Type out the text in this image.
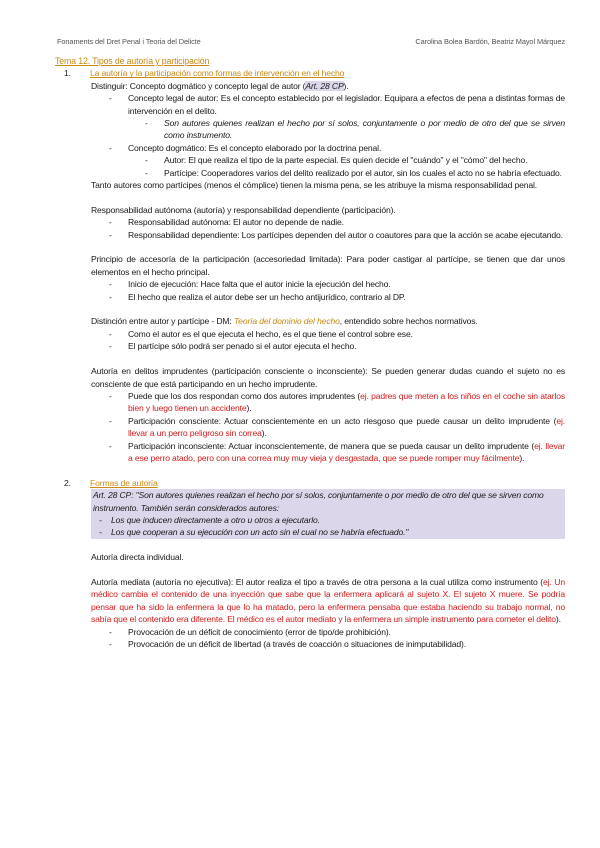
Fonaments del Dret Penal i Teoria del Delicte	Carolina Bolea Bardón, Beatriz Mayol Márquez
Tema 12. Tipos de autoría y participación
1.	La autoría y la participación como formas de intervención en el hecho
Distinguir: Concepto dogmático y concepto legal de autor (Art. 28 CP).
-	Concepto legal de autor: Es el concepto establecido por el legislador. Equipara a efectos de pena a distintas formas de intervención en el delito.
-	Son autores quienes realizan el hecho por sí solos, conjuntamente o por medio de otro del que se sirven como instrumento.
-	Concepto dogmático: Es el concepto elaborado por la doctrina penal.
-	Autor: El que realiza el tipo de la parte especial. Es quien decide el "cuándo" y el "cómo" del hecho.
-	Partícipe: Cooperadores varios del delito realizado por el autor, sin los cuales el acto no se habría efectuado.
Tanto autores como partícipes (menos el cómplice) tienen la misma pena, se les atribuye la misma responsabilidad penal.
Responsabilidad autónoma (autoría) y responsabilidad dependiente (participación).
-	Responsabilidad autónoma: El autor no depende de nadie.
-	Responsabilidad dependiente: Los partícipes dependen del autor o coautores para que la acción se acabe ejecutando.
Principio de accesoría de la participación (accesoriedad limitada): Para poder castigar al partícipe, se tienen que dar unos elementos en el hecho principal.
-	Inicio de ejecución: Hace falta que el autor inicie la ejecución del hecho.
-	El hecho que realiza el autor debe ser un hecho antijurídico, contrario al DP.
Distinción entre autor y partícipe - DM: Teoría del dominio del hecho, entendido sobre hechos normativos.
-	Como el autor es el que ejecuta el hecho, es el que tiene el control sobre ese.
-	El partícipe sólo podrá ser penado si el autor ejecuta el hecho.
Autoría en delitos imprudentes (participación consciente o inconsciente): Se pueden generar dudas cuando el sujeto no es consciente de que está participando en un hecho imprudente.
-	Puede que los dos respondan como dos autores imprudentes (ej. padres que meten a los niños en el coche sin atarlos bien y luego tienen un accidente).
-	Participación consciente: Actuar conscientemente en un acto riesgoso que puede causar un delito imprudente (ej. llevar a un perro peligroso sin correa).
-	Participación inconsciente: Actuar inconscientemente, de manera que se pueda causar un delito imprudente (ej. llevar a ese perro atado, pero con una correa muy muy vieja y desgastada, que se puede romper muy fácilmente).
2.	Formas de autoría
Art. 28 CP: "Son autores quienes realizan el hecho por sí solos, conjuntamente o por medio de otro del que se sirven como instrumento. También serán considerados autores:
-	Los que inducen directamente a otro u otros a ejecutarlo.
-	Los que cooperan a su ejecución con un acto sin el cual no se habría efectuado."
Autoría directa individual.
Autoría mediata (autoría no ejecutiva): El autor realiza el tipo a través de otra persona a la cual utiliza como instrumento (ej. Un médico cambia el contenido de una inyección que sabe que la enfermera aplicará al sujeto X. El sujeto X muere. Se podría pensar que ha sido la enfermera la que lo ha matado, pero la enfermera pensaba que estaba haciendo su trabajo normal, no sabía que el contenido era diferente. El médico es el autor mediato y la enfermera un simple instrumento para cometer el delito).
-	Provocación de un déficit de conocimiento (error de tipo/de prohibición).
-	Provocación de un déficit de libertad (a través de coacción o situaciones de inimputabilidad).
